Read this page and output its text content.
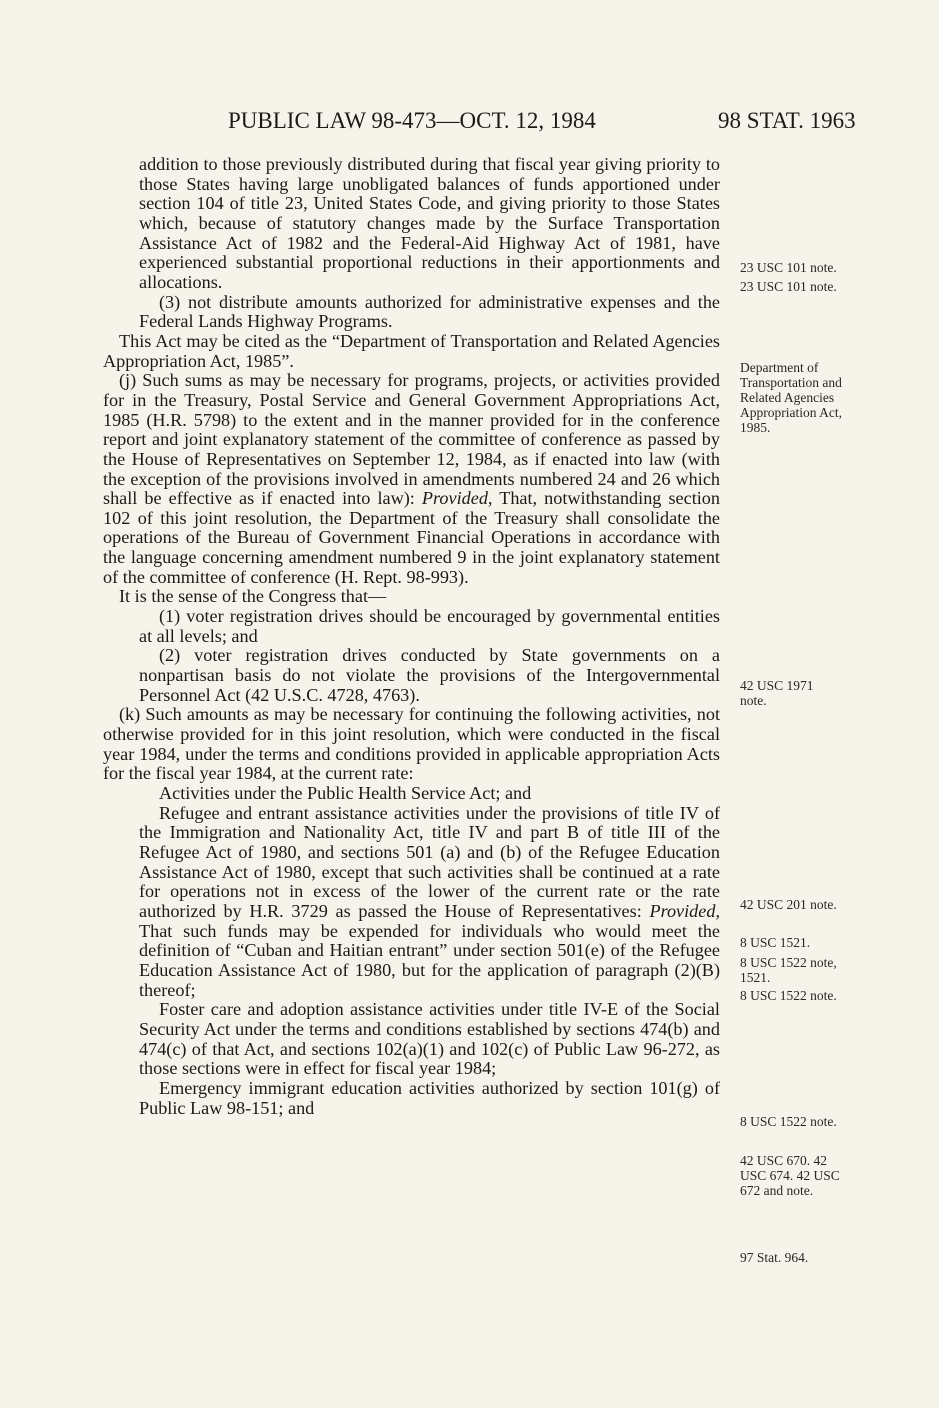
PUBLIC LAW 98-473—OCT. 12, 1984	98 STAT. 1963

addition to those previously distributed during that fiscal year giving priority to those States having large unobligated balances of funds apportioned under section 104 of title 23, United States Code, and giving priority to those States which, because of statutory changes made by the Surface Transportation Assistance Act of 1982 and the Federal-Aid Highway Act of 1981, have experienced substantial proportional reductions in their apportionments and allocations.

(3) not distribute amounts authorized for administrative expenses and the Federal Lands Highway Programs.

This Act may be cited as the “Department of Transportation and Related Agencies Appropriation Act, 1985”.

(j) Such sums as may be necessary for programs, projects, or activities provided for in the Treasury, Postal Service and General Government Appropriations Act, 1985 (H.R. 5798) to the extent and in the manner provided for in the conference report and joint explanatory statement of the committee of conference as passed by the House of Representatives on September 12, 1984, as if enacted into law (with the exception of the provisions involved in amendments numbered 24 and 26 which shall be effective as if enacted into law): Provided, That, notwithstanding section 102 of this joint resolution, the Department of the Treasury shall consolidate the operations of the Bureau of Government Financial Operations in accordance with the language concerning amendment numbered 9 in the joint explanatory statement of the committee of conference (H. Rept. 98-993).

It is the sense of the Congress that—

(1) voter registration drives should be encouraged by governmental entities at all levels; and

(2) voter registration drives conducted by State governments on a nonpartisan basis do not violate the provisions of the Intergovernmental Personnel Act (42 U.S.C. 4728, 4763).

(k) Such amounts as may be necessary for continuing the following activities, not otherwise provided for in this joint resolution, which were conducted in the fiscal year 1984, under the terms and conditions provided in applicable appropriation Acts for the fiscal year 1984, at the current rate:

Activities under the Public Health Service Act; and

Refugee and entrant assistance activities under the provisions of title IV of the Immigration and Nationality Act, title IV and part B of title III of the Refugee Act of 1980, and sections 501 (a) and (b) of the Refugee Education Assistance Act of 1980, except that such activities shall be continued at a rate for operations not in excess of the lower of the current rate or the rate authorized by H.R. 3729 as passed the House of Representatives: Provided, That such funds may be expended for individuals who would meet the definition of “Cuban and Haitian entrant” under section 501(e) of the Refugee Education Assistance Act of 1980, but for the application of paragraph (2)(B) thereof;

Foster care and adoption assistance activities under title IV-E of the Social Security Act under the terms and conditions established by sections 474(b) and 474(c) of that Act, and sections 102(a)(1) and 102(c) of Public Law 96-272, as those sections were in effect for fiscal year 1984;

Emergency immigrant education activities authorized by section 101(g) of Public Law 98-151; and

23 USC 101 note.
23 USC 101 note.
Department of Transportation and Related Agencies Appropriation Act, 1985.
42 USC 1971 note.
42 USC 201 note.
8 USC 1521.
8 USC 1522 note, 1521.
8 USC 1522 note.
8 USC 1522 note.
42 USC 670. 42 USC 674. 42 USC 672 and note.
97 Stat. 964.
